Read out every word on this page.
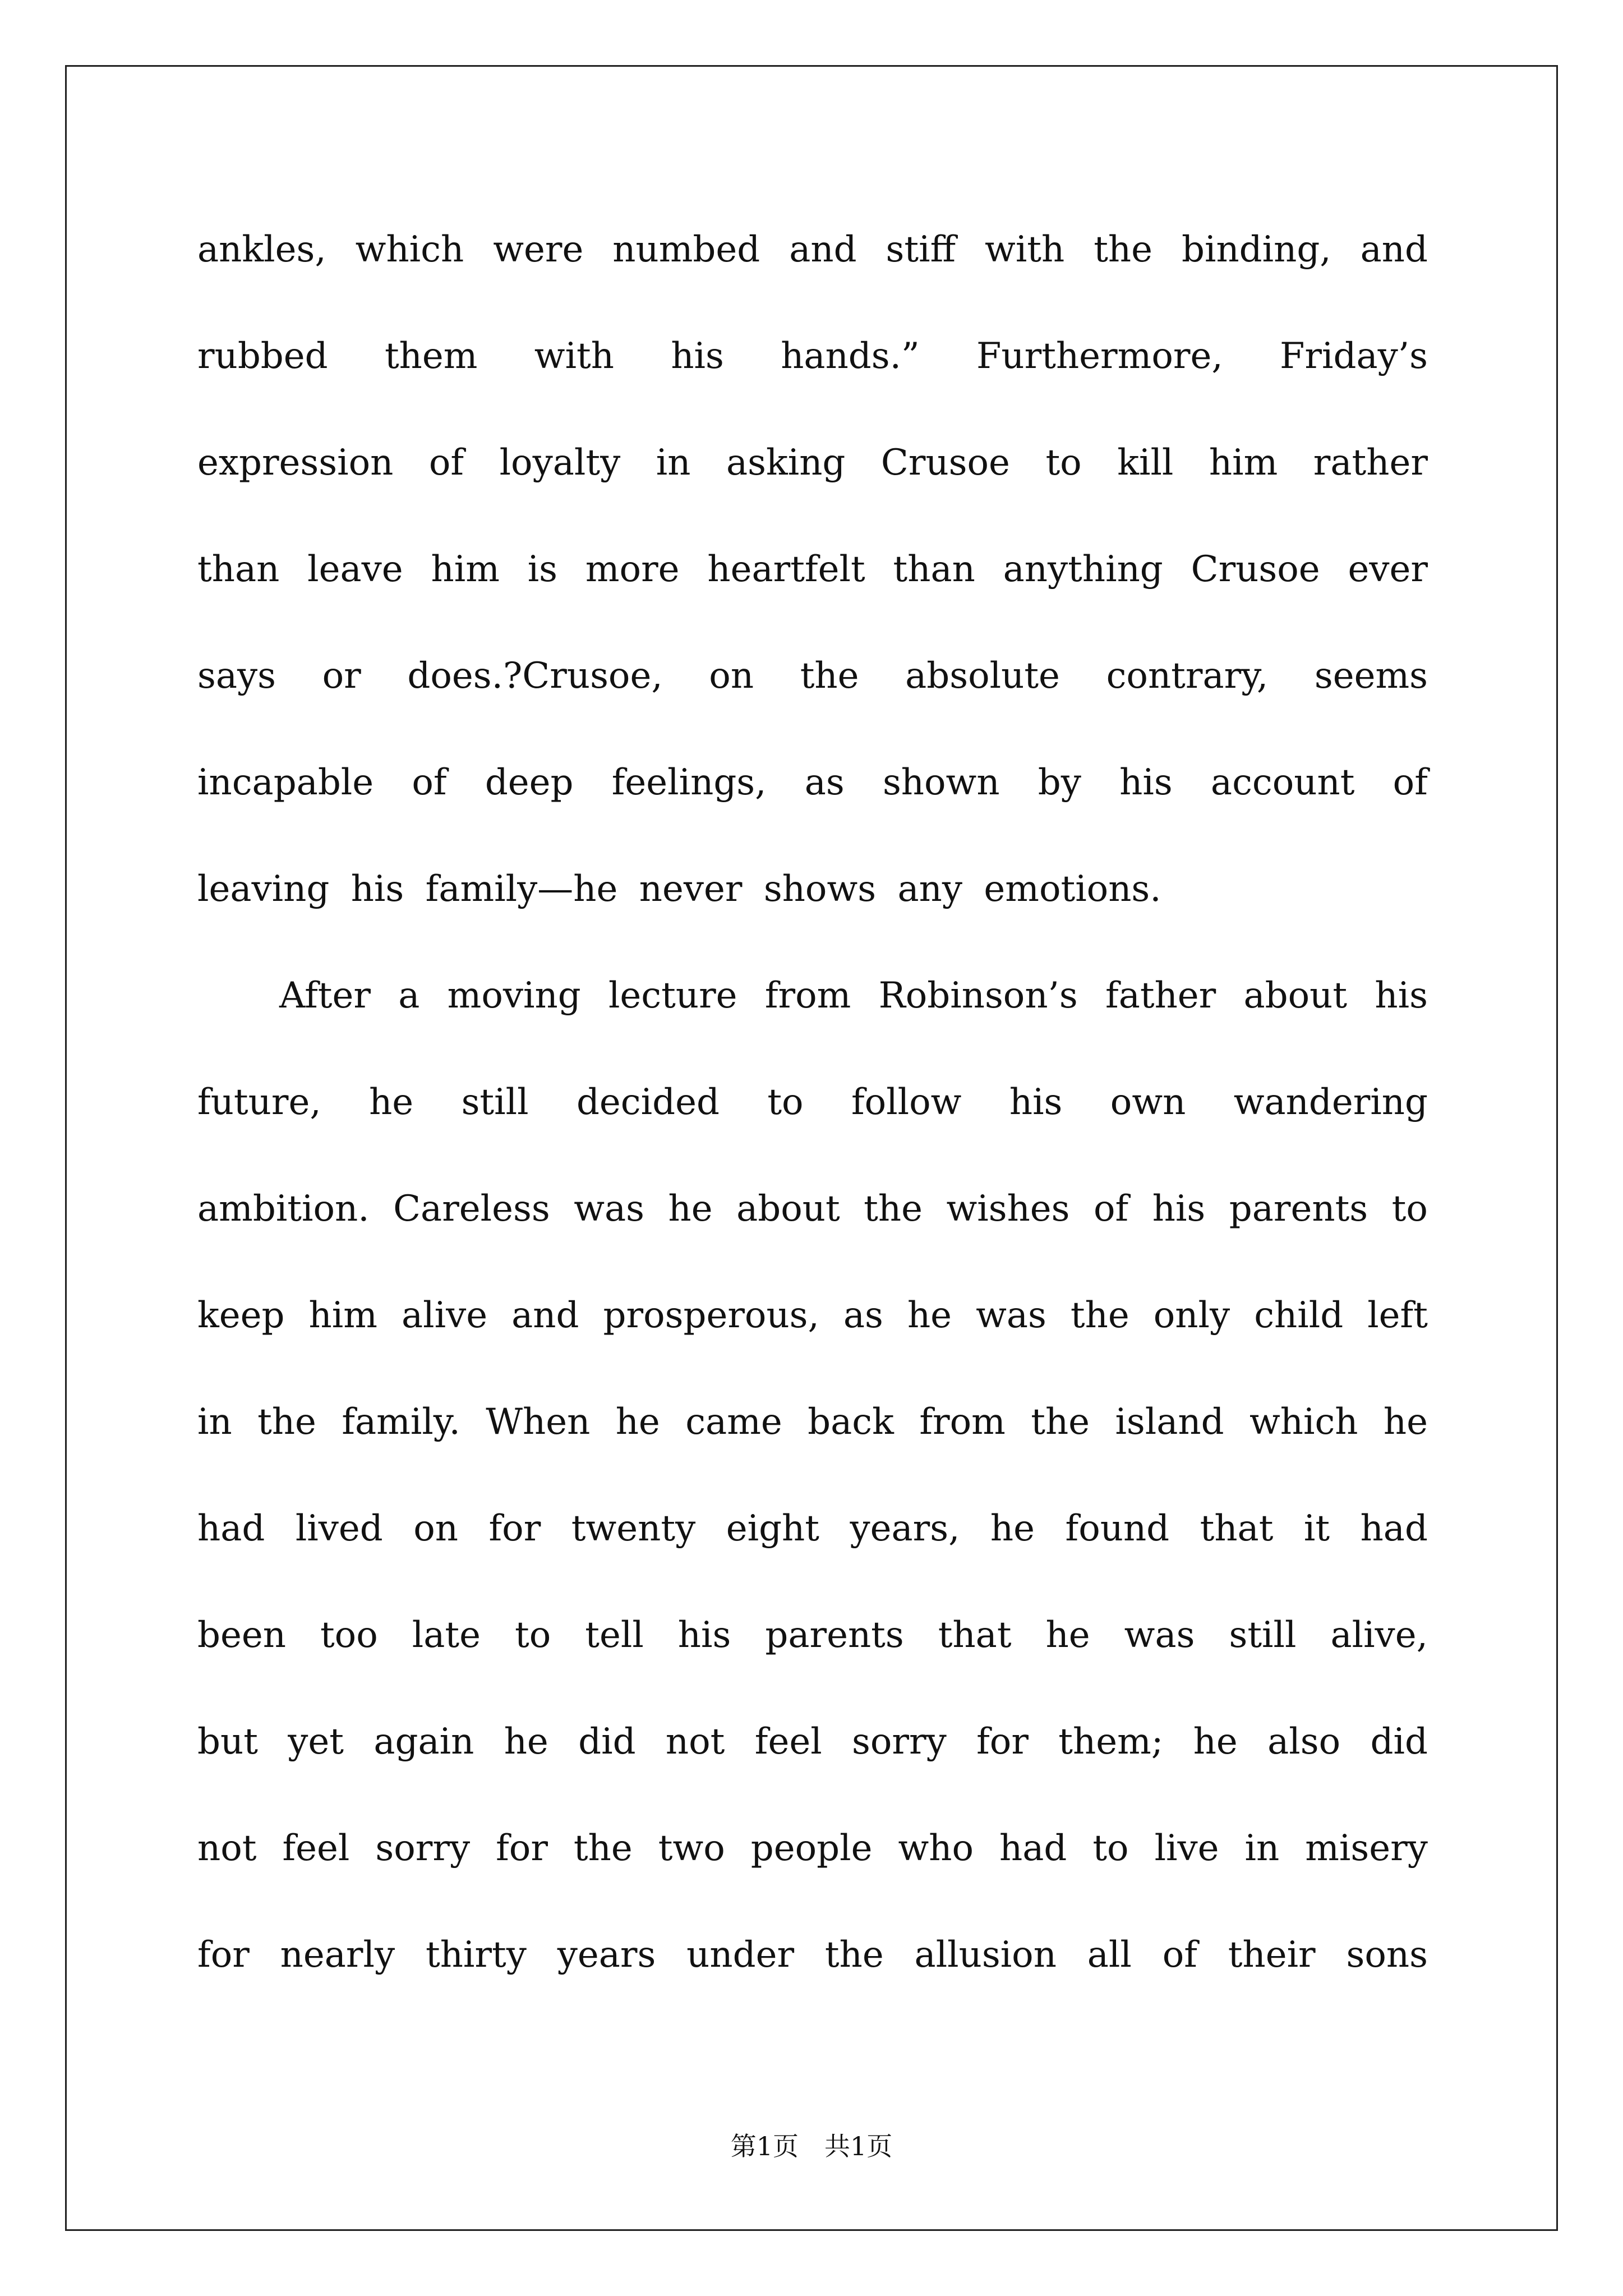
ankles, which were numbed and stiff with the binding, and
rubbed them with his hands.” Furthermore, Friday’s
expression of loyalty in asking Crusoe to kill him rather
than leave him is more heartfelt than anything Crusoe ever
says or does.?Crusoe, on the absolute contrary, seems
incapable of deep feelings, as shown by his account of
leaving his family—he never shows any emotions.
After a moving lecture from Robinson’s father about his
future, he still decided to follow his own wandering
ambition. Careless was he about the wishes of his parents to
keep him alive and prosperous, as he was the only child left
in the family. When he came back from the island which he
had lived on for twenty eight years, he found that it had
been too late to tell his parents that he was still alive,
but yet again he did not feel sorry for them; he also did
not feel sorry for the two people who had to live in misery
for nearly thirty years under the allusion all of their sons
第1页　共1页
